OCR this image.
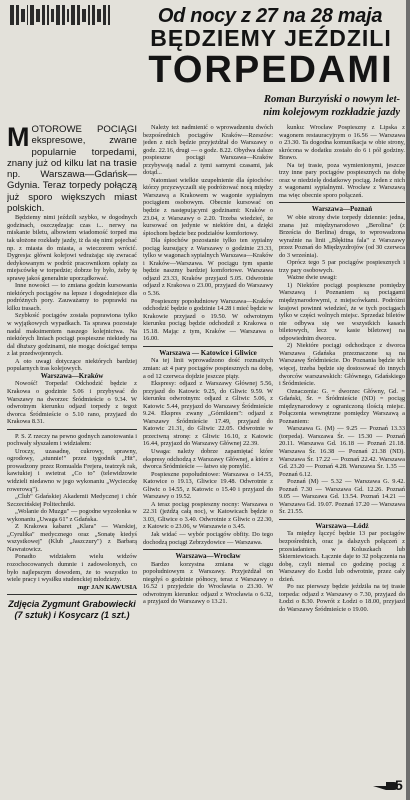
Od nocy z 27 na 28 maja
BĘDZIEMY JEŹDZILI
TORPEDAMI
Roman Burzyński o nowym let-
nim kolejowym rozkładzie jazdy

MOTOROWE POCIĄGI ekspresowe, zwane popularnie torpedami, znany już od kilku lat na trasie np. Warszawa—Gdańsk—Gdynia. Teraz torpedy połączą już sporo większych miast polskich.

Będziemy nimi jeździli szybko, w dogodnych godzinach, oszczędzając czas i... nerwy na miskanie biletu, albowiem wiadomość torped ma tak ułożone rozkłady jazdy, iż da się nimi pojechać np. z miasta do miasta, a wieczorem wrócić. Dygresja: główni kolejowi wdrażając się zwracać dedykowanym w podróż pracownikom opłaty za miejscówkę w torpedzie; dobrze by było, żeby tę sprawę jakoś generalnie uporządkować.

Inne nowości — to zmiana godzin kursowania niektórych pociągów na lepsze i dogodniejsze dla podróżnych pory. Zauważamy to poprawki na kilku trasach.

Szybkość pociągów została poprawiona tylko w wyjątkowych wypadkach. Ta sprawa pozostaje nadal maksimentem naszego kolejnictwa. Na niektórych liniach pociągi pospieszne niekiedy na dal dłuższy godzinami, nie mogąc dościgać tempa z lat przedwojennych.

A oto uwagi dotyczące niektórych bardziej popularnych tras kolejowych.

Warszawa—Kraków

Nowość! Torpeda! Odchodzić będzie z Krakowa o godzinie 5.06 i przybywać do Warszawy na dworzec Śródmieście o 9.34. W odwrotnym kierunku odjazd torpedy z tegoż dworca Śródmieście o 5.10 rano, przyjazd do Krakowa 8.31.

P. S. Z rzeczy na pewno godnych zanotowania i pochwały słyszałem i widziałem:

Uroczy, uzasadnę, cukrowy, sprawny, ogrodowy, „stunnie!" przez tygodnik „Hit", prowadzony przez Romualda Frejera, teatrzyk rak, kawiukiej i swietrat „Co to" (telewidzowie widzieli niedawno w jego wykonaniu „Wycieczkę rowerową").

„Club" Gdańskiej Akademii Medycznej i chór Szczecińskiej Politechniki.

„Wolanie do Muzgu" — pogodne wyzołonka w wykonaniu „Uwaga 61" z Gdańska.

Z Krakowa kabaret „Klara" — Warskiej, „Cyrulika" medycznego oraz „Sonatę kiedyś wszystkowej" (Klub „Jaszczury") z Barbarą Nawratowicz.

Ponadto widziałem wielu widzów rozochocowanych dumnie i zadowolonych, co było najlepszym dowodem, że to wszystko to wiele pracy i wysiłku studenckiej młodzieży.

mgr JAN KAWUSIA

Zdjęcia Zygmunt Grabowiecki
(7 sztuk) i Kosycarz (1 szt.)

Należy też nadmienić o wprowadzeniu dwóch bezpośrednich pociągów Kraków—Rzeszów: jeden z nich będzie przyjeżdżał do Warszawy o godz. 22.16, drugi — o godz. 8.22. Obydwa dalsze pospieszne pociągi Warszawa—Kraków przybywają nadal z tymi samymi czasami, jak dotąd...

Natomiast wielkie uzupełnienie dla śpiochów: którzy przyzwyczaili się podróżować nocą między Warszawą a Krakowem w wagonie sypialnym pociągiem osobowym. Obecnie kursować on będzie z następującymi godzinami: Kraków o 23.04, z Warszawy o 2.20. Trzeba wiedzieć, że kursować on jedynie w niektóre dni, a dzięki śpiochom będzie bez podziałów komfortowy.

Dla śpiochów pozostanie tylko ten sypialny pociąg kursujący z Warszawy o godzinie 23.33, tylko w wagonach sypialnych Warszawa—Kraków i Kraków—Warszawa. W pociągu tym spanie będzie naszmy bardziej komfortowe. Warszawa odjazd 23.33, Kraków przyjazd 5.05. Odwrotnie odjazd z Krakowa o 23.00, przyjazd do Warszawy o 5.36.

Pospieszny popołudniowy Warszawa—Kraków odchodzić będzie o godzinie 14.28 i mieć będzie w Krakowie przyjazd o 19.50. W odwrotnym kierunku pociąg będzie odchodził z Krakowa o 15.18. Mając z tym, Kraków — Warszawa o 16.00.

Warszawa — Katowice i Gliwice

Na tej linii wprowadzono dość rozmaitych zmian: aż 4 pary pociągów pospiesznych na dobę, a od 12 czerwca dojdzie jeszcze piąty.

Ekspresy: odjazd z Warszawy Głównej 5.56, przyjazd do Katowic 9.25, do Gliwic 9.59. W kierunku odwrotnym: odjazd z Gliwic 5.06, z Katowic 5.44, przyjazd do Warszawy Śródmieście 9.24. Ekspres zwany „Górnikiem": odjazd z Warszawy Śródmieście 17.49, przyjazd do Katowic 21.31, do Gliwic 22.05. Odwrotnie w przeciwną stronę: z Gliwic 16.10, z Katowic 16.44, przyjazd do Warszawy Głównej 22.39.

Uwaga: należy dobrze zapamiętać które ekspresy odchodzą z Warszawy Głównej, a które z dworca Śródmieście — łatwo się pomylić.

Pospieszne popołudniowe: Warszawa o 14.55, Katowice o 19.13, Gliwice 19.48. Odwrotnie z Gliwic o 14.55, z Katowic o 15.40 i przyjazd do Warszawy o 19.52.

A teraz pociąg pospieszny nocny: Warszawa o 22.31 (jeżdżą całą noc), w Katowicach będzie o 3.03, Gliwice o 3.40. Odwrotnie z Gliwic o 22.30, z Katowic o 23.06, w Warszawie o 3.45.

Jak widać — wybór pociągów obfity. Do tego dochodzą pociągi Zebrzydowice — Warszawa.

Warszawa—Wrocław

Bardzo korzystna zmiana w ciągu popołudniowym z Warszawy. Przyjeżdżał on niegdyś o godzinie północy, teraz z Warszawy o 16.52 i przyjedzie do Wrocławia o 23.30. W odwrotnym kierunku: odjazd z Wrocławia o 6.32, a przyjazd do Warszawy o 13.21.

kunku: Wrocław Pospieszny z Lipska z wagonem restauracyjnym o 16.56 — Warszawa o 23.30. Ta dogodna komunikacja w obie strony, skrócona w dodatku zostało do 6 i pół godziny. Brawo.

Na tej trasie, poza wymienionymi, jeszcze trzy inne pary pociągów pospiesznych na dobę oraz w niedzielę dodatkowy pociąg. Jeden z nich z wagonami sypialnymi. Wrocław z Warszawą ma więc obecnie sporo połączeń.

Warszawa—Poznań

W obie strony dwie torpedy dziennie: jedna, znana już międzynarodowo „Berolina" (z Brześcia do Berlina) druga, to wprowadzona wyraźnie na linii „Błękitna fala" z Warszawy przez Poznań do Międzyzdrojów (od 30 czerwca do 3 września).

Oprócz tego 5 par pociągów pospiesznych i trzy pary osobowych.

Ważne dwie uwagi:

1) Niektóre pociągi pospieszne pomiędzy Warszawą i Poznaniem są pociągami międzynarodowymi, z miejscówkami. Podróżni krajowi powinni wiedzieć, że w tych pociągach tylko w części wolnych miejsc. Sprzedaż biletów nie odbywa się we wszystkich kasach biletowych, lecz w kasie biletowej na odpowiednim dworcu.

2) Niektóre pociągi odchodzące z dworca Warszawa Gdańska przeznaczone są na Warszawę Śródmieście. Do Poznania będzie ich więcej, trzeba będzie się dostosować do innych dworców warszawskich: Głównego, Gdańskiego i Śródmieście.

Oznaczenia: G. = dworzec Główny, Gd. = Gdański, Śr. = Śródmieście (ND) = pociąg międzynarodowy z ograniczoną ilością miejsc. Połączenia wewnętrzne pomiędzy Warszawą a Poznaniem:

Warszawa G. (M) — 9.25 — Poznań 13.33 (torpeda). Warszawa Śr. — 15.30 — Poznań 20.11. Warszawa Gd. 16.18 — Poznań 21.18. Warszawa Śr. 16.38 — Poznań 21.38 (ND). Warszawa Śr. 17.22 — Poznań 22.42. Warszawa Gd. 23.20 — Poznań 4.28. Warszawa Śr. 1.35 — Poznań 6.12.

Poznań (M) — 5.32 — Warszawa G. 9.42. Poznań 7.30 — Warszawa Gd. 12.26. Poznań 9.05 — Warszawa Gd. 13.54. Poznań 14.21 — Warszawa Gd. 19.07. Poznań 17.20 — Warszawa Śr. 21.55.

Warszawa—Łódź

Ta między łączyć będzie 13 par pociągów bezpośrednich, oraz ja dalszych połączeń z przesiadaniem w Koluszkach lub Skierniewicach. Łącznie daje to 32 połączenia na dobę, czyli niemal co godzinę pociąg z Warszawy do Łodzi lub odwrotnie, przez cały dzień.

Po raz pierwszy będzie jeździła na tej trasie torpeda: odjazd z Warszawy o 7.30, przyjazd do Łodzi o 8.30. Powrót z Łodzi o 18.00, przyjazd do Warszawy Śródmieście o 19.00.

5
